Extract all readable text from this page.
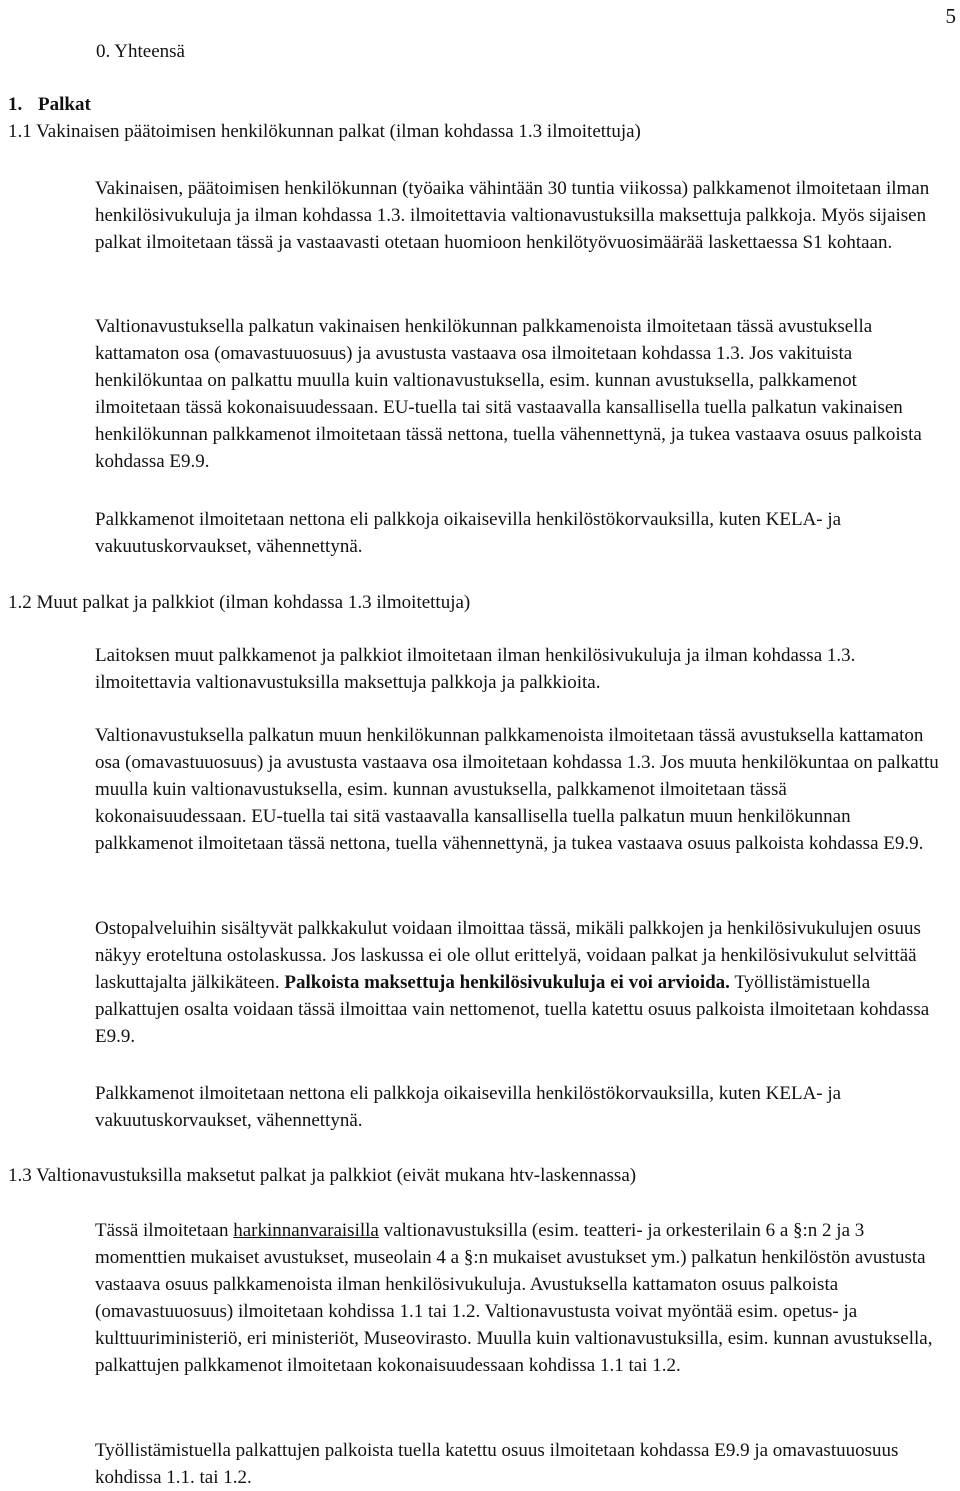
5

0. Yhteensä

1. Palkat

1.1 Vakinaisen päätoimisen henkilökunnan palkat (ilman kohdassa 1.3 ilmoitettuja)

Vakinaisen, päätoimisen henkilökunnan (työaika vähintään 30 tuntia viikossa) palkkamenot ilmoitetaan ilman henkilösivukuluja ja ilman kohdassa 1.3. ilmoitettavia valtionavustuksilla maksettuja palkkoja. Myös sijaisen palkat ilmoitetaan tässä ja vastaavasti otetaan huomioon henkilötyövuosimäärää laskettaessa S1 kohtaan.

Valtionavustuksella palkatun vakinaisen henkilökunnan palkkamenoista ilmoitetaan tässä avustuksella kattamaton osa (omavastuuosuus) ja avustusta vastaava osa ilmoitetaan kohdassa 1.3. Jos vakituista henkilökuntaa on palkattu muulla kuin valtionavustuksella, esim. kunnan avustuksella, palkkamenot ilmoitetaan tässä kokonaisuudessaan. EU-tuella tai sitä vastaavalla kansallisella tuella palkatun vakinaisen henkilökunnan palkkamenot ilmoitetaan tässä nettona, tuella vähennettynä, ja tukea vastaava osuus palkoista kohdassa E9.9.

Palkkamenot ilmoitetaan nettona eli palkkoja oikaisevilla henkilöstökorvauksilla, kuten KELA- ja vakuutuskorvaukset, vähennettynä.

1.2 Muut palkat ja palkkiot (ilman kohdassa 1.3 ilmoitettuja)

Laitoksen muut palkkamenot ja palkkiot ilmoitetaan ilman henkilösivukuluja ja ilman kohdassa 1.3. ilmoitettavia valtionavustuksilla maksettuja palkkoja ja palkkioita.

Valtionavustuksella palkatun muun henkilökunnan palkkamenoista ilmoitetaan tässä avustuksella kattamaton osa (omavastuuosuus) ja avustusta vastaava osa ilmoitetaan kohdassa 1.3. Jos muuta henkilökuntaa on palkattu muulla kuin valtionavustuksella, esim. kunnan avustuksella, palkkamenot ilmoitetaan tässä kokonaisuudessaan. EU-tuella tai sitä vastaavalla kansallisella tuella palkatun muun henkilökunnan palkkamenot ilmoitetaan tässä nettona, tuella vähennettynä, ja tukea vastaava osuus palkoista kohdassa E9.9.

Ostopalveluihin sisältyvät palkkakulut voidaan ilmoittaa tässä, mikäli palkkojen ja henkilösivukulujen osuus näkyy eroteltuna ostolaskussa. Jos laskussa ei ole ollut erittelyä, voidaan palkat ja henkilösivukulut selvittää laskuttajalta jälkikäteen. Palkoista maksettuja henkilösivukuluja ei voi arvioida. Työllistämistuella palkattujen osalta voidaan tässä ilmoittaa vain nettomenot, tuella katettu osuus palkoista ilmoitetaan kohdassa E9.9.

Palkkamenot ilmoitetaan nettona eli palkkoja oikaisevilla henkilöstökorvauksilla, kuten KELA- ja vakuutuskorvaukset, vähennettynä.

1.3 Valtionavustuksilla maksetut palkat ja palkkiot (eivät mukana htv-laskennassa)

Tässä ilmoitetaan harkinnanvaraisilla valtionavustuksilla (esim. teatteri- ja orkesterilain 6 a §:n 2 ja 3 momenttien mukaiset avustukset, museolain 4 a §:n mukaiset avustukset ym.) palkatun henkilöstön avustusta vastaava osuus palkkamenoista ilman henkilösivukuluja. Avustuksella kattamaton osuus palkoista (omavastuuosuus) ilmoitetaan kohdissa 1.1 tai 1.2. Valtionavustusta voivat myöntää esim. opetus- ja kulttuuriministeriö, eri ministeriöt, Museovirasto. Muulla kuin valtionavustuksilla, esim. kunnan avustuksella, palkattujen palkkamenot ilmoitetaan kokonaisuudessaan kohdissa 1.1 tai 1.2.

Työllistämistuella palkattujen palkoista tuella katettu osuus ilmoitetaan kohdassa E9.9 ja omavastuuosuus kohdissa 1.1. tai 1.2.
